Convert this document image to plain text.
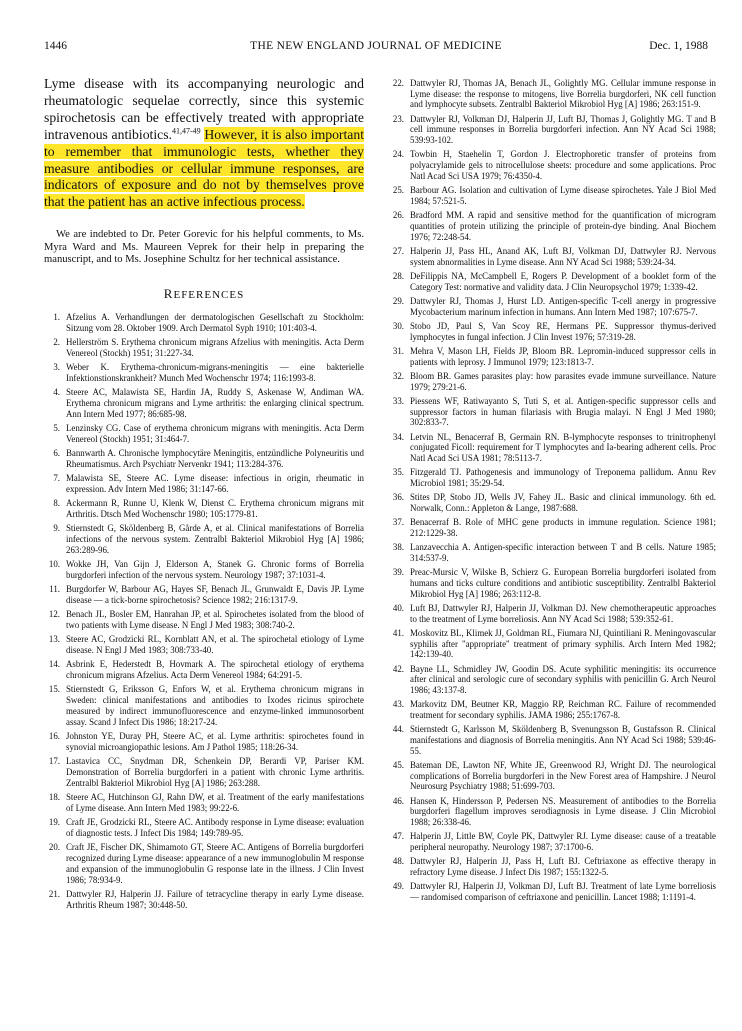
1446	THE NEW ENGLAND JOURNAL OF MEDICINE	Dec. 1, 1988

Lyme disease with its accompanying neurologic and rheumatologic sequelae correctly, since this systemic spirochetosis can be effectively treated with appropriate intravenous antibiotics.$^{41,47-49}$ However, it is also important to remember that immunologic tests, whether they measure antibodies or cellular immune responses, are indicators of exposure and do not by themselves prove that the patient has an active infectious process.

We are indebted to Dr. Peter Gorevic for his helpful comments, to Ms. Myra Ward and Ms. Maureen Veprek for their help in preparing the manuscript, and to Ms. Josephine Schultz for her technical assistance.

REFERENCES
1. Afzelius A. Verhandlungen der dermatologischen Gesellschaft zu Stockholm: Sitzung vom 28. Oktober 1909. Arch Dermatol Syph 1910; 101:403-4.
2. Hellerström S. Erythema chronicum migrans Afzelius with meningitis. Acta Derm Venereol (Stockh) 1951; 31:227-34.
3. Weber K. Erythema-chronicum-migrans-meningitis — eine bakterielle Infektionstionskrankheit? Munch Med Wochenschr 1974; 116:1993-8.
4. Steere AC, Malawista SE, Hardin JA, Ruddy S, Askenase W, Andiman WA. Erythema chronicum migrans and Lyme arthritis: the enlarging clinical spectrum. Ann Intern Med 1977; 86:685-98.
5. Lenzinsky CG. Case of erythema chronicum migrans with meningitis. Acta Derm Venereol (Stockh) 1951; 31:464-7.
6. Bannwarth A. Chronische lymphocytäre Meningitis, entzündliche Polyneuritis und Rheumatismus. Arch Psychiatr Nervenkr 1941; 113:284-376.
7. Malawista SE, Steere AC. Lyme disease: infectious in origin, rheumatic in expression. Adv Intern Med 1986; 31:147-66.
8. Ackermann R, Runne U, Klenk W, Dienst C. Erythema chronicum migrans mit Arthritis. Dtsch Med Wochenschr 1980; 105:1779-81.
9. Stiernstedt G, Sköldenberg B, Gårde A, et al. Clinical manifestations of Borrelia infections of the nervous system. Zentralbl Bakteriol Mikrobiol Hyg [A] 1986; 263:289-96.
10. Wokke JH, Van Gijn J, Elderson A, Stanek G. Chronic forms of Borrelia burgdorferi infection of the nervous system. Neurology 1987; 37:1031-4.
11. Burgdorfer W, Barbour AG, Hayes SF, Benach JL, Grunwaldt E, Davis JP. Lyme disease — a tick-borne spirochetosis? Science 1982; 216:1317-9.
12. Benach JL, Bosler EM, Hanrahan JP, et al. Spirochetes isolated from the blood of two patients with Lyme disease. N Engl J Med 1983; 308:740-2.
13. Steere AC, Grodzicki RL, Kornblatt AN, et al. The spirochetal etiology of Lyme disease. N Engl J Med 1983; 308:733-40.
14. Asbrink E, Hederstedt B, Hovmark A. The spirochetal etiology of erythema chronicum migrans Afzelius. Acta Derm Venereol 1984; 64:291-5.
15. Stiernstedt G, Eriksson G, Enfors W, et al. Erythema chronicum migrans in Sweden: clinical manifestations and antibodies to Ixodes ricinus spirochete measured by indirect immunofluorescence and enzyme-linked immunosorbent assay. Scand J Infect Dis 1986; 18:217-24.
16. Johnston YE, Duray PH, Steere AC, et al. Lyme arthritis: spirochetes found in synovial microangiopathic lesions. Am J Pathol 1985; 118:26-34.
17. Lastavica CC, Snydman DR, Schenkein DP, Berardi VP, Pariser KM. Demonstration of Borrelia burgdorferi in a patient with chronic Lyme arthritis. Zentralbl Bakteriol Mikrobiol Hyg [A] 1986; 263:288.
18. Steere AC, Hutchinson GJ, Rahn DW, et al. Treatment of the early manifestations of Lyme disease. Ann Intern Med 1983; 99:22-6.
19. Craft JE, Grodzicki RL, Steere AC. Antibody response in Lyme disease: evaluation of diagnostic tests. J Infect Dis 1984; 149:789-95.
20. Craft JE, Fischer DK, Shimamoto GT, Steere AC. Antigens of Borrelia burgdorferi recognized during Lyme disease: appearance of a new immunoglobulin M response and expansion of the immunoglobulin G response late in the illness. J Clin Invest 1986; 78:934-9.
21. Dattwyler RJ, Halperin JJ. Failure of tetracycline therapy in early Lyme disease. Arthritis Rheum 1987; 30:448-50.
22. Dattwyler RJ, Thomas JA, Benach JL, Golightly MG. Cellular immune response in Lyme disease: the response to mitogens, live Borrelia burgdorferi, NK cell function and lymphocyte subsets. Zentralbl Bakteriol Mikrobiol Hyg [A] 1986; 263:151-9.
23. Dattwyler RJ, Volkman DJ, Halperin JJ, Luft BJ, Thomas J, Golightly MG. T and B cell immune responses in Borrelia burgdorferi infection. Ann NY Acad Sci 1988; 539:93-102.
24. Towbin H, Staehelin T, Gordon J. Electrophoretic transfer of proteins from polyacrylamide gels to nitrocellulose sheets: procedure and some applications. Proc Natl Acad Sci USA 1979; 76:4350-4.
25. Barbour AG. Isolation and cultivation of Lyme disease spirochetes. Yale J Biol Med 1984; 57:521-5.
26. Bradford MM. A rapid and sensitive method for the quantification of microgram quantities of protein utilizing the principle of protein-dye binding. Anal Biochem 1976; 72:248-54.
27. Halperin JJ, Pass HL, Anand AK, Luft BJ, Volkman DJ, Dattwyler RJ. Nervous system abnormalities in Lyme disease. Ann NY Acad Sci 1988; 539:24-34.
28. DeFilippis NA, McCampbell E, Rogers P. Development of a booklet form of the Category Test: normative and validity data. J Clin Neuropsychol 1979; 1:339-42.
29. Dattwyler RJ, Thomas J, Hurst LD. Antigen-specific T-cell anergy in progressive Mycobacterium marinum infection in humans. Ann Intern Med 1987; 107:675-7.
30. Stobo JD, Paul S, Van Scoy RE, Hermans PE. Suppressor thymus-derived lymphocytes in fungal infection. J Clin Invest 1976; 57:319-28.
31. Mehra V, Mason LH, Fields JP, Bloom BR. Lepromin-induced suppressor cells in patients with leprosy. J Immunol 1979; 123:1813-7.
32. Bloom BR. Games parasites play: how parasites evade immune surveillance. Nature 1979; 279:21-6.
33. Piessens WF, Ratiwayanto S, Tuti S, et al. Antigen-specific suppressor cells and suppressor factors in human filariasis with Brugia malayi. N Engl J Med 1980; 302:833-7.
34. Letvin NL, Benacerraf B, Germain RN. B-lymphocyte responses to trinitrophenyl conjugated Ficoll: requirement for T lymphocytes and Ia-bearing adherent cells. Proc Natl Acad Sci USA 1981; 78:5113-7.
35. Fitzgerald TJ. Pathogenesis and immunology of Treponema pallidum. Annu Rev Microbiol 1981; 35:29-54.
36. Stites DP, Stobo JD, Wells JV, Fahey JL. Basic and clinical immunology. 6th ed. Norwalk, Conn.: Appleton & Lange, 1987:688.
37. Benacerraf B. Role of MHC gene products in immune regulation. Science 1981; 212:1229-38.
38. Lanzavecchia A. Antigen-specific interaction between T and B cells. Nature 1985; 314:537-9.
39. Preac-Mursic V, Wilske B, Schierz G. European Borrelia burgdorferi isolated from humans and ticks culture conditions and antibiotic susceptibility. Zentralbl Bakteriol Mikrobiol Hyg [A] 1986; 263:112-8.
40. Luft BJ, Dattwyler RJ, Halperin JJ, Volkman DJ. New chemotherapeutic approaches to the treatment of Lyme borreliosis. Ann NY Acad Sci 1988; 539:352-61.
41. Moskovitz BL, Klimek JJ, Goldman RL, Fiumara NJ, Quintiliani R. Meningovascular syphilis after "appropriate" treatment of primary syphilis. Arch Intern Med 1982; 142:139-40.
42. Bayne LL, Schmidley JW, Goodin DS. Acute syphilitic meningitis: its occurrence after clinical and serologic cure of secondary syphilis with penicillin G. Arch Neurol 1986; 43:137-8.
43. Markovitz DM, Beutner KR, Maggio RP, Reichman RC. Failure of recommended treatment for secondary syphilis. JAMA 1986; 255:1767-8.
44. Stiernstedt G, Karlsson M, Sköldenberg B, Svenungsson B, Gustafsson R. Clinical manifestations and diagnosis of Borrelia meningitis. Ann NY Acad Sci 1988; 539:46-55.
45. Bateman DE, Lawton NF, White JE, Greenwood RJ, Wright DJ. The neurological complications of Borrelia burgdorferi in the New Forest area of Hampshire. J Neurol Neurosurg Psychiatry 1988; 51:699-703.
46. Hansen K, Hindersson P, Pedersen NS. Measurement of antibodies to the Borrelia burgdorferi flagellum improves serodiagnosis in Lyme disease. J Clin Microbiol 1988; 26:338-46.
47. Halperin JJ, Little BW, Coyle PK, Dattwyler RJ. Lyme disease: cause of a treatable peripheral neuropathy. Neurology 1987; 37:1700-6.
48. Dattwyler RJ, Halperin JJ, Pass H, Luft BJ. Ceftriaxone as effective therapy in refractory Lyme disease. J Infect Dis 1987; 155:1322-5.
49. Dattwyler RJ, Halperin JJ, Volkman DJ, Luft BJ. Treatment of late Lyme borreliosis — randomised comparison of ceftriaxone and penicillin. Lancet 1988; 1:1191-4.
